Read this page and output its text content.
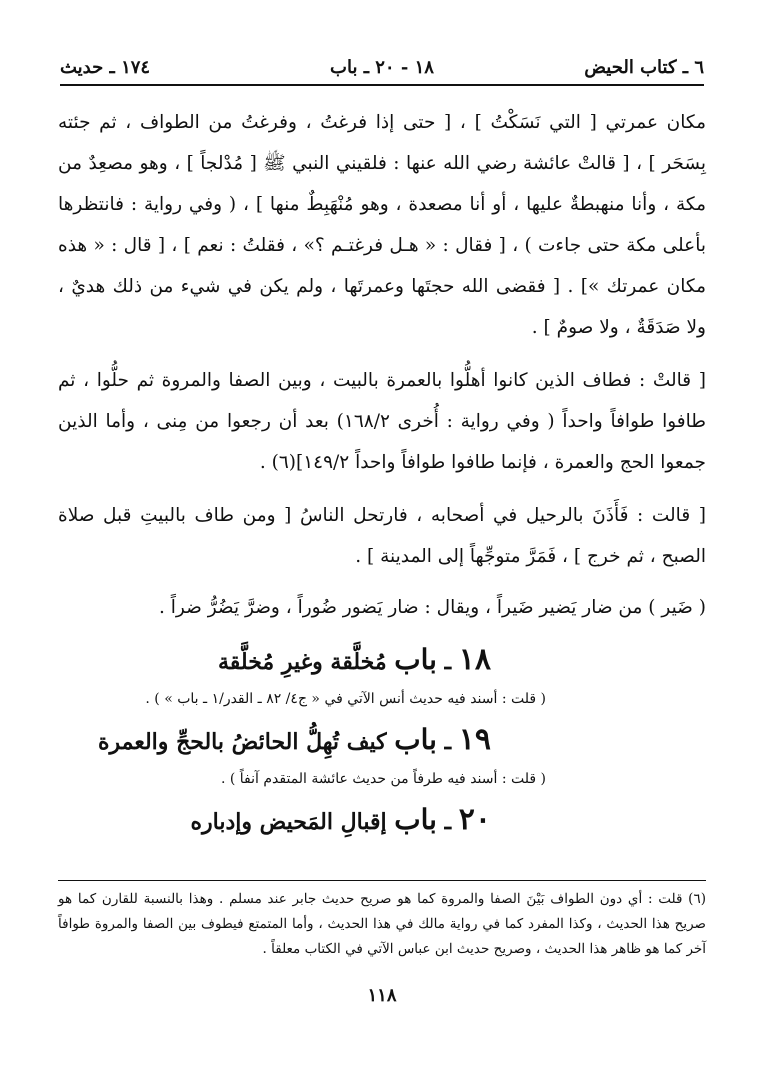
٦ ـ كتاب الحيض
١٨ - ٢٠ ـ باب
١٧٤ ـ حديث

مكان عمرتي [ التي نَسَكْتُ ] ، [ حتى إذا فرغتُ ، وفرغتُ من الطواف ، ثم جئته بِسَحَر ] ، [ قالتْ عائشة رضي الله عنها : فلقيني النبي ﷺ [ مُدْلجاً ] ، وهو مصعِدٌ من مكة ، وأنا منهبطةٌ عليها ، أو أنا مصعدة ، وهو مُنْهَبِطٌ منها ] ، ( وفي رواية : فانتظرها بأعلى مكة حتى جاءت ) ، [ فقال : « هـل فرغتـم ؟» ، فقلتُ : نعم ] ، [ قال : « هذه مكان عمرتك »] . [ فقضى الله حجتَها وعمرتَها ، ولم يكن في شيء من ذلك هديٌ ، ولا صَدَقَةٌ ، ولا صومٌ ] .

[ قالتْ : فطاف الذين كانوا أهلُّوا بالعمرة بالبيت ، وبين الصفا والمروة ثم حلُّوا ، ثم طافوا طوافاً واحداً ( وفي رواية : أُخرى ١٦٨/٢) بعد أن رجعوا من مِنى ، وأما الذين جمعوا الحج والعمرة ، فإنما طافوا طوافاً واحداً ١٤٩/٢](٦) .

[ قالت : فَأَذَنَ بالرحيل في أصحابه ، فارتحل الناسُ [ ومن طاف بالبيتِ قبل صلاة الصبح ، ثم خرج ] ، فَمَرَّ متوجِّهاً إلى المدينة ] .

( ضَير ) من ضار يَضير ضَيراً ، ويقال : ضار يَضور ضُوراً ، وضرَّ يَضُرُّ ضراً .

١٨ ـ باب مُخلَّقة وغيرِ مُخلَّقة

( قلت : أسند فيه حديث أنس الآتي في « ج٤/ ٨٢ ـ القدر/١ ـ باب » ) .

١٩ ـ باب كيف تُهِلُّ الحائضُ بالحجِّ والعمرة

( قلت : أسند فيه طرفاً من حديث عائشة المتقدم آنفاً ) .

٢٠ ـ باب إقبالِ المَحيض وإدباره

(٦) قلت : أي دون الطواف بَيْنَ الصفا والمروة كما هو صريح حديث جابر عند مسلم . وهذا بالنسبة للقارن كما هو صريح هذا الحديث ، وكذا المفرد كما في رواية مالك في هذا الحديث ، وأما المتمتع فيطوف بين الصفا والمروة طوافاً آخر كما هو ظاهر هذا الحديث ، وصريح حديث ابن عباس الآتي في الكتاب معلقاً .

١١٨
